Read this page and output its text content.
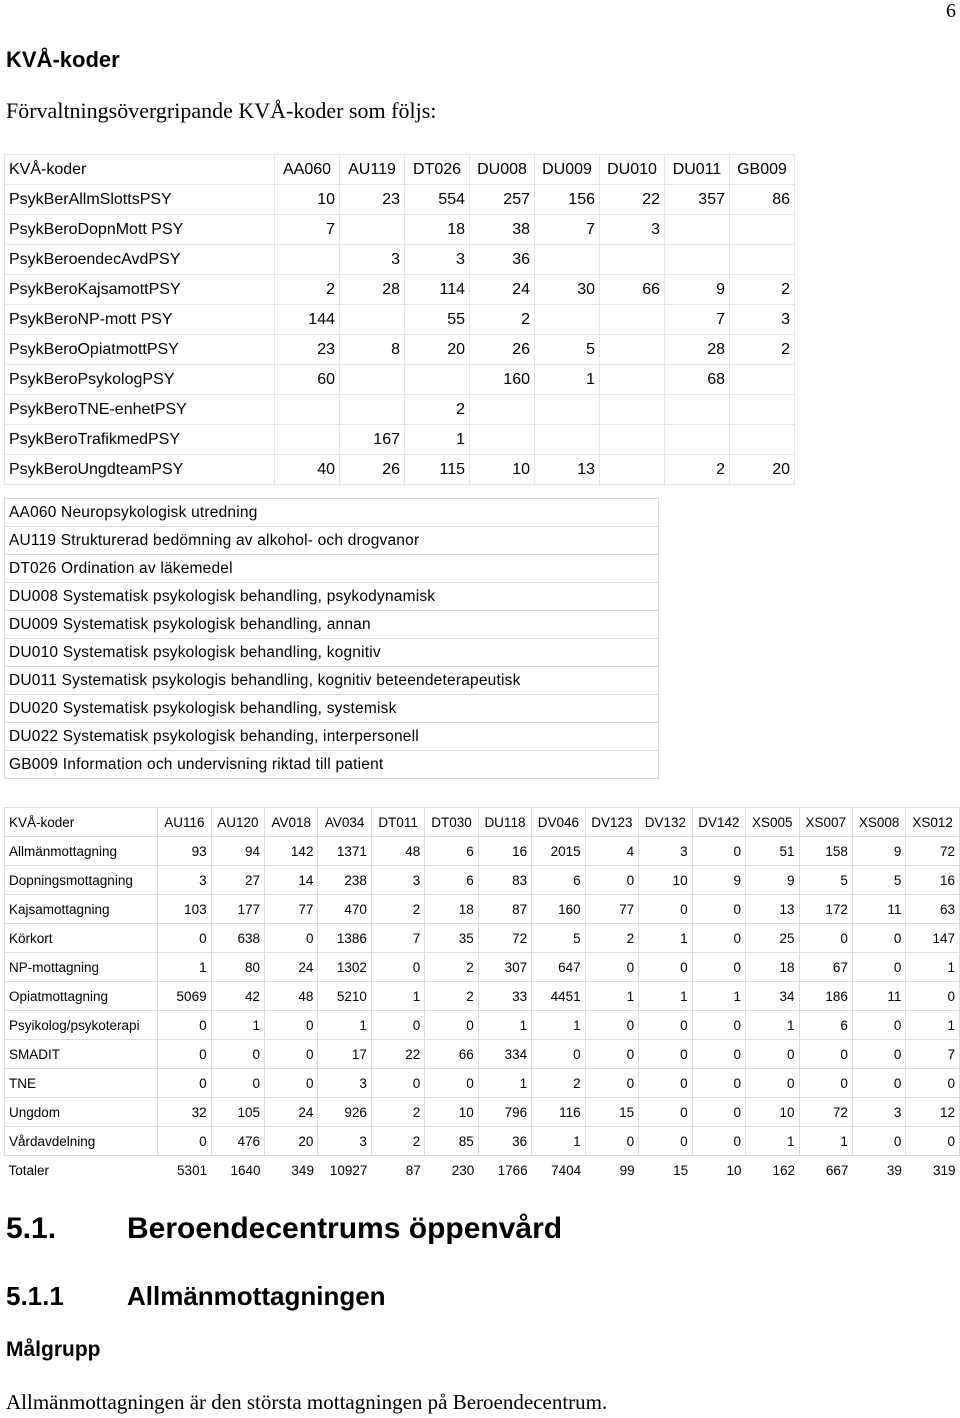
6
KVÅ-koder
Förvaltningsövergripande KVÅ-koder som följs:
KVÅ-koder	AA060	AU119	DT026	DU008	DU009	DU010	DU011	GB009
PsykBerAllmSlottsPSY	10	23	554	257	156	22	357	86
PsykBeroDopnMott PSY	7		18	38	7	3		
PsykBeroendecAvdPSY		3	3	36				
PsykBeroKajsamottPSY	2	28	114	24	30	66	9	2
PsykBeroNP-mott PSY	144		55	2			7	3
PsykBeroOpiatmottPSY	23	8	20	26	5		28	2
PsykBeroPsykologPSY	60			160	1		68	
PsykBeroTNE-enhetPSY			2					
PsykBeroTrafikmedPSY		167	1					
PsykBeroUngdteamPSY	40	26	115	10	13		2	20
AA060 Neuropsykologisk utredning
AU119 Strukturerad bedömning av alkohol- och drogvanor
DT026 Ordination av läkemedel
DU008 Systematisk psykologisk behandling, psykodynamisk
DU009 Systematisk psykologisk behandling, annan
DU010 Systematisk psykologisk behandling, kognitiv
DU011 Systematisk psykologis behandling, kognitiv beteendeterapeutisk
DU020 Systematisk psykologisk behandling, systemisk
DU022 Systematisk psykologisk behanding, interpersonell
GB009 Information och undervisning riktad till patient
KVÅ-koder	AU116	AU120	AV018	AV034	DT011	DT030	DU118	DV046	DV123	DV132	DV142	XS005	XS007	XS008	XS012
Allmänmottagning	93	94	142	1371	48	6	16	2015	4	3	0	51	158	9	72
Dopningsmottagning	3	27	14	238	3	6	83	6	0	10	9	9	5	5	16
Kajsamottagning	103	177	77	470	2	18	87	160	77	0	0	13	172	11	63
Körkort	0	638	0	1386	7	35	72	5	2	1	0	25	0	0	147
NP-mottagning	1	80	24	1302	0	2	307	647	0	0	0	18	67	0	1
Opiatmottagning	5069	42	48	5210	1	2	33	4451	1	1	1	34	186	11	0
Psyikolog/psykoterapi	0	1	0	1	0	0	1	1	0	0	0	1	6	0	1
SMADIT	0	0	0	17	22	66	334	0	0	0	0	0	0	0	7
TNE	0	0	0	3	0	0	1	2	0	0	0	0	0	0	0
Ungdom	32	105	24	926	2	10	796	116	15	0	0	10	72	3	12
Vårdavdelning	0	476	20	3	2	85	36	1	0	0	0	1	1	0	0
Totaler	5301	1640	349	10927	87	230	1766	7404	99	15	10	162	667	39	319
5.1. Beroendecentrums öppenvård
5.1.1 Allmänmottagningen
Målgrupp
Allmänmottagningen är den största mottagningen på Beroendecentrum.
